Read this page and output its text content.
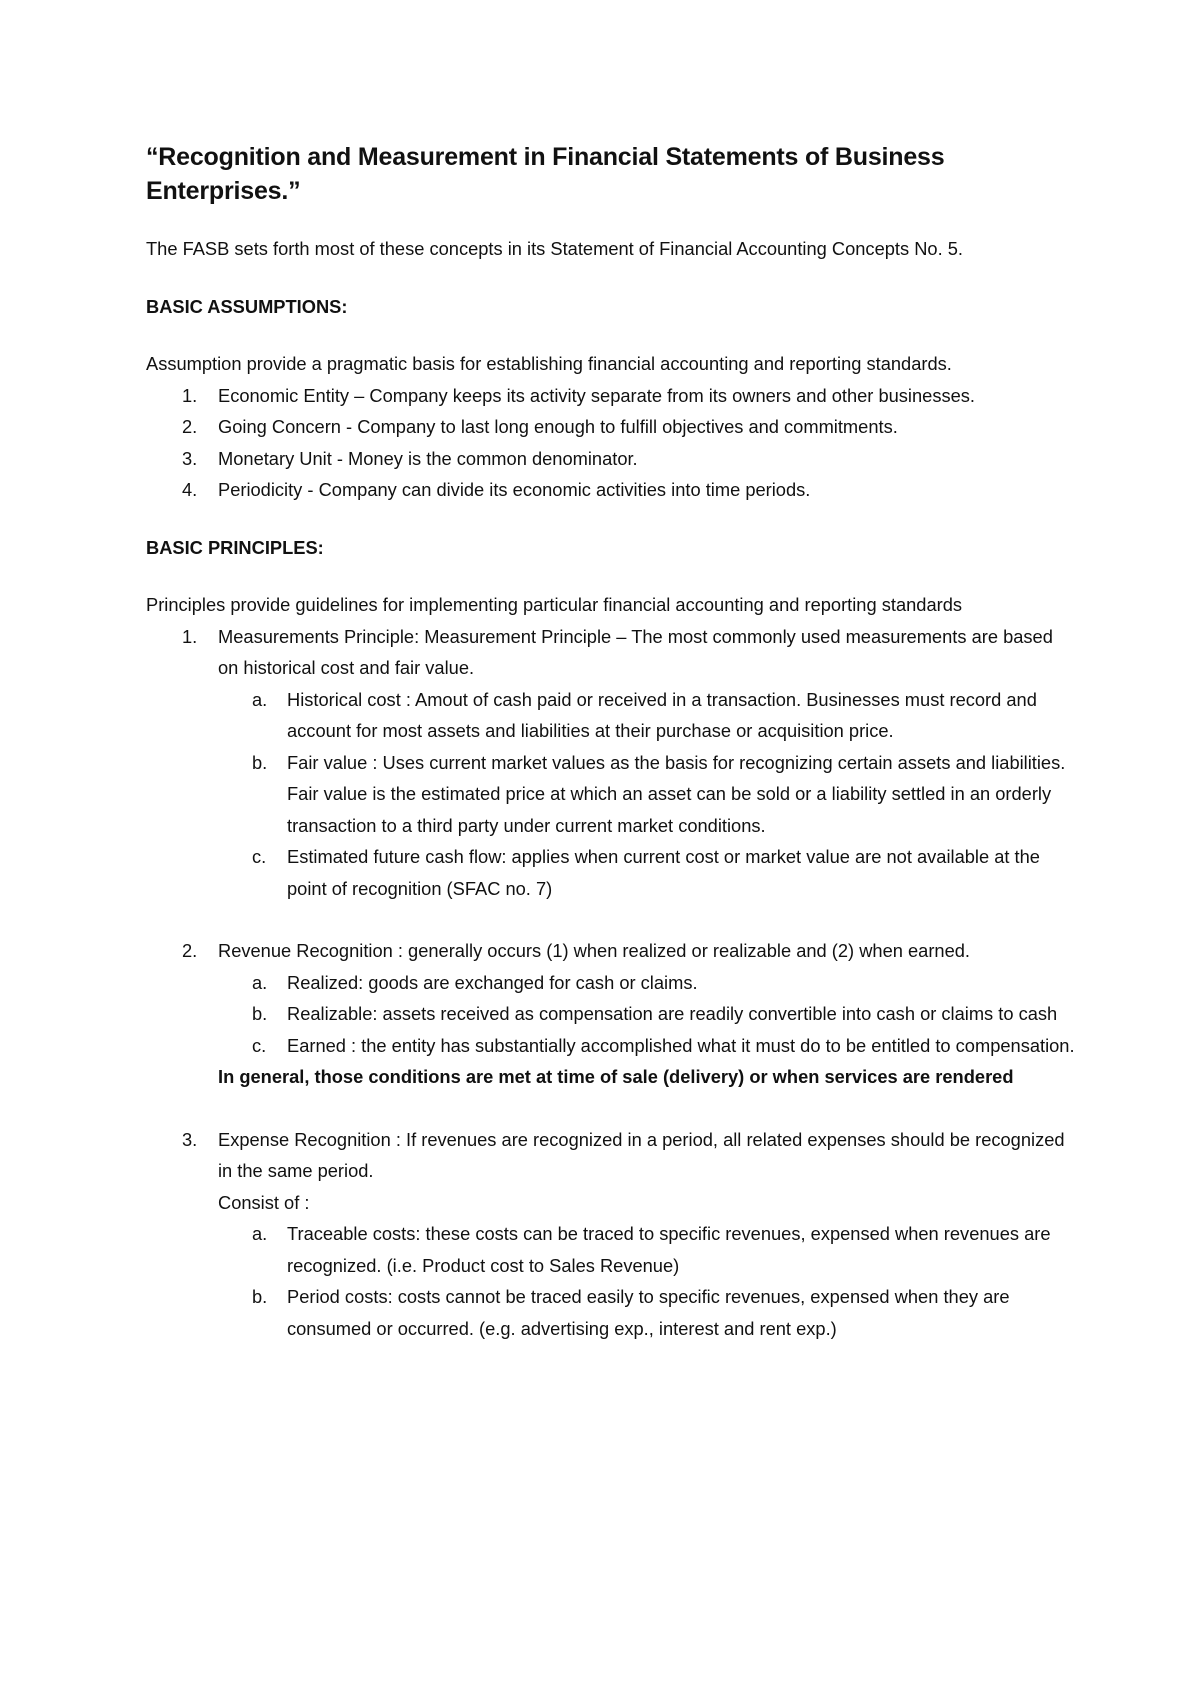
“Recognition and Measurement in Financial Statements of Business
Enterprises.”

The FASB sets forth most of these concepts in its Statement of Financial Accounting Concepts No. 5.

BASIC ASSUMPTIONS:

Assumption provide a pragmatic basis for establishing financial accounting and reporting standards.

1.	Economic Entity – Company keeps its activity separate from its owners and other businesses.
2.	Going Concern - Company to last long enough to fulfill objectives and commitments.
3.	Monetary Unit - Money is the common denominator.
4.	Periodicity - Company can divide its economic activities into time periods.

BASIC PRINCIPLES:

Principles provide guidelines for implementing particular financial accounting and reporting standards

1.	Measurements Principle: Measurement Principle – The most commonly used measurements are based on historical cost and fair value.
a.	Historical cost : Amout of cash paid or received in a transaction. Businesses must record and account for most assets and liabilities at their purchase or acquisition price.
b.	Fair value : Uses current market values as the basis for recognizing certain assets and liabilities. Fair value is the estimated price at which an asset can be sold or a liability settled in an orderly transaction to a third party under current market conditions.
c.	Estimated future cash flow: applies when current cost or market value are not available at the point of recognition (SFAC no. 7)
2.	Revenue Recognition : generally occurs (1) when realized or realizable and (2) when earned.
a.	Realized: goods are exchanged for cash or claims.
b.	Realizable: assets received as compensation are readily convertible into cash or claims to cash
c.	Earned : the entity has substantially accomplished what it must do to be entitled to compensation.

In general, those conditions are met at time of sale (delivery) or when services are rendered

3.	Expense Recognition : If revenues are recognized in a period, all related expenses should be recognized in the same period.
Consist of :
a.	Traceable costs: these costs can be traced to specific revenues, expensed when revenues are recognized. (i.e. Product cost to Sales Revenue)
b.	Period costs: costs cannot be traced easily to specific revenues, expensed when they are consumed or occurred. (e.g. advertising exp., interest and rent exp.)
